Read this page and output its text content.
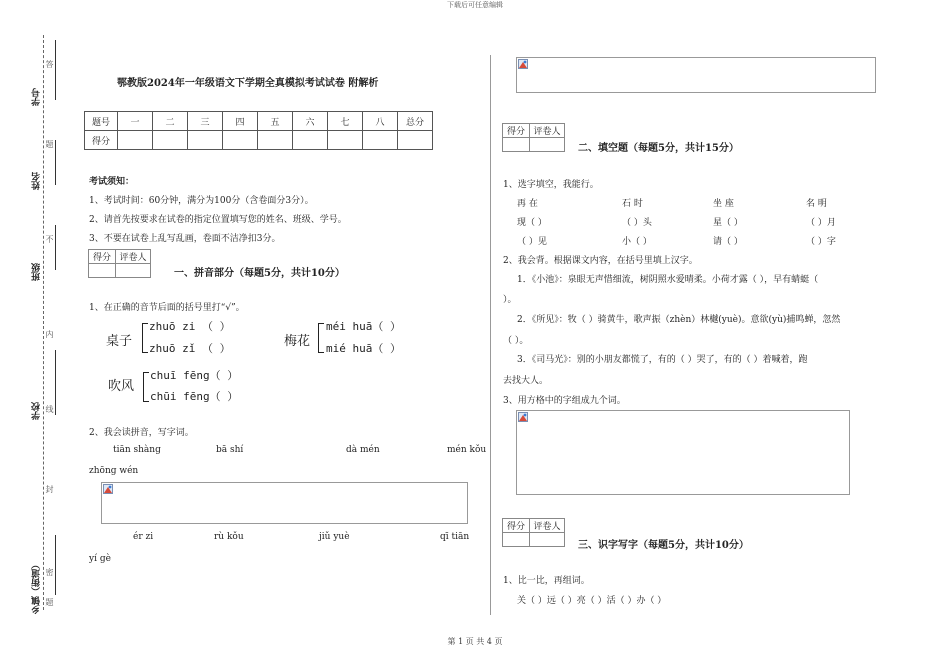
下载后可任意编辑
第 1 页 共 4 页
学号
姓名
班级
学校
乡镇（街道）
答
题
不
内
线
封
密
题
鄂教版2024年一年级语文下学期全真模拟考试试卷 附解析
题号	一	二	三	四	五	六	七	八	总分
得分									
考试须知：
1、考试时间：60分钟，满分为100分（含卷面分3分）。
2、请首先按要求在试卷的指定位置填写您的姓名、班级、学号。
3、不要在试卷上乱写乱画，卷面不洁净扣3分。
得分	评卷人

一、拼音部分（每题5分，共计10分）
1、在正确的音节后面的括号里打“√”。
桌子
zhuō zi （ ）
zhuō zǐ （ ）	梅花
méi huā（ ）
mié huā（ ）
吹风
chuī fēng（ ）
chūi fēng（ ）
2、我会读拼音，写字词。
tiān shàng	bā shí	dà mén	mén kǒu
zhōng wén
ér zi	rù kǒu	jiǔ yuè	qī tiān
yí gè
得分	评卷人

二、填空题（每题5分，共计15分）
1、选字填空，我能行。
再 在	石 时	坐 座	名 明
现（ ）	（ ）头	星（ ）	（ ）月
（ ）见	小（ ）	请（ ）	（ ）字
2、我会背。根据课文内容，在括号里填上汉字。
1．《小池》：泉眼无声惜细流，树阴照水爱晴柔。小荷才露（ ），早有蜻蜓（
）。
2．《所见》：牧（ ）骑黄牛，歌声振（zhèn）林樾(yuè)。意欲(yù)捕鸣蝉，忽然
（ ）。
3．《司马光》：别的小朋友都慌了，有的（ ）哭了，有的（ ）着喊着，跑
去找大人。
3、用方格中的字组成九个词。
得分	评卷人

三、识字写字（每题5分，共计10分）
1、比一比，再组词。
关（ ）远（ ）亮（ ）活（ ）办（ ）
